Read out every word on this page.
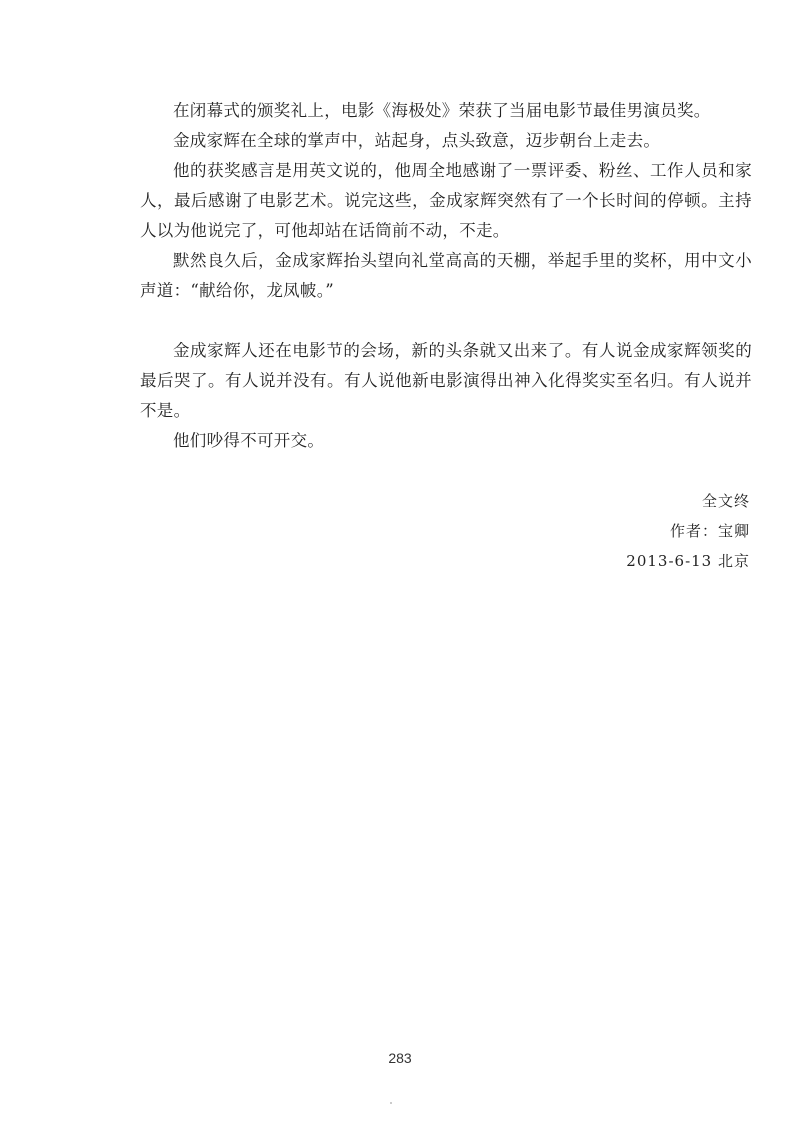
在闭幕式的颁奖礼上，电影《海极处》荣获了当届电影节最佳男演员奖。

金成家辉在全球的掌声中，站起身，点头致意，迈步朝台上走去。

他的获奖感言是用英文说的，他周全地感谢了一票评委、粉丝、工作人员和家人，最后感谢了电影艺术。说完这些，金成家辉突然有了一个长时间的停顿。主持人以为他说完了，可他却站在话筒前不动，不走。

默然良久后，金成家辉抬头望向礼堂高高的天棚，举起手里的奖杯，用中文小声道：“献给你，龙凤帔。”

金成家辉人还在电影节的会场，新的头条就又出来了。有人说金成家辉领奖的最后哭了。有人说并没有。有人说他新电影演得出神入化得奖实至名归。有人说并不是。

他们吵得不可开交。

全文终
作者：宝卿
2013-6-13 北京
283
